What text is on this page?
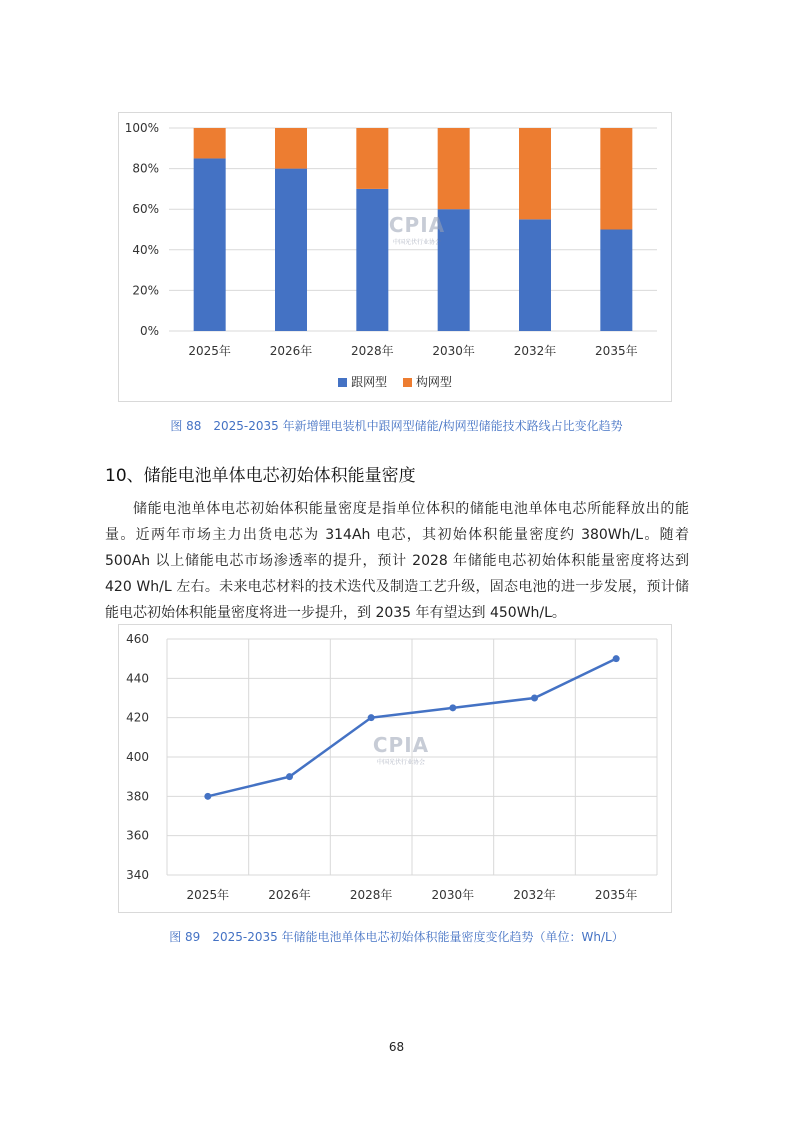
0%
20%
40%
60%
80%
100%
2025年	2026年	2028年	2030年	2032年	2035年
CPIA
中国光伏行业协会
跟网型 构网型
图 88　2025-2035 年新增锂电装机中跟网型储能/构网型储能技术路线占比变化趋势
10、储能电池单体电芯初始体积能量密度
储能电池单体电芯初始体积能量密度是指单位体积的储能电池单体电芯所能释放出的能量。近两年市场主力出货电芯为 314Ah 电芯，其初始体积能量密度约 380Wh/L。随着 500Ah 以上储能电芯市场渗透率的提升，预计 2028 年储能电芯初始体积能量密度将达到 420 Wh/L 左右。未来电芯材料的技术迭代及制造工艺升级，固态电池的进一步发展，预计储能电芯初始体积能量密度将进一步提升，到 2035 年有望达到 450Wh/L。
340
360
380
400
420
440
460
2025年	2026年	2028年	2030年	2032年	2035年
CPIA
中国光伏行业协会
图 89　2025-2035 年储能电池单体电芯初始体积能量密度变化趋势（单位：Wh/L）
68
